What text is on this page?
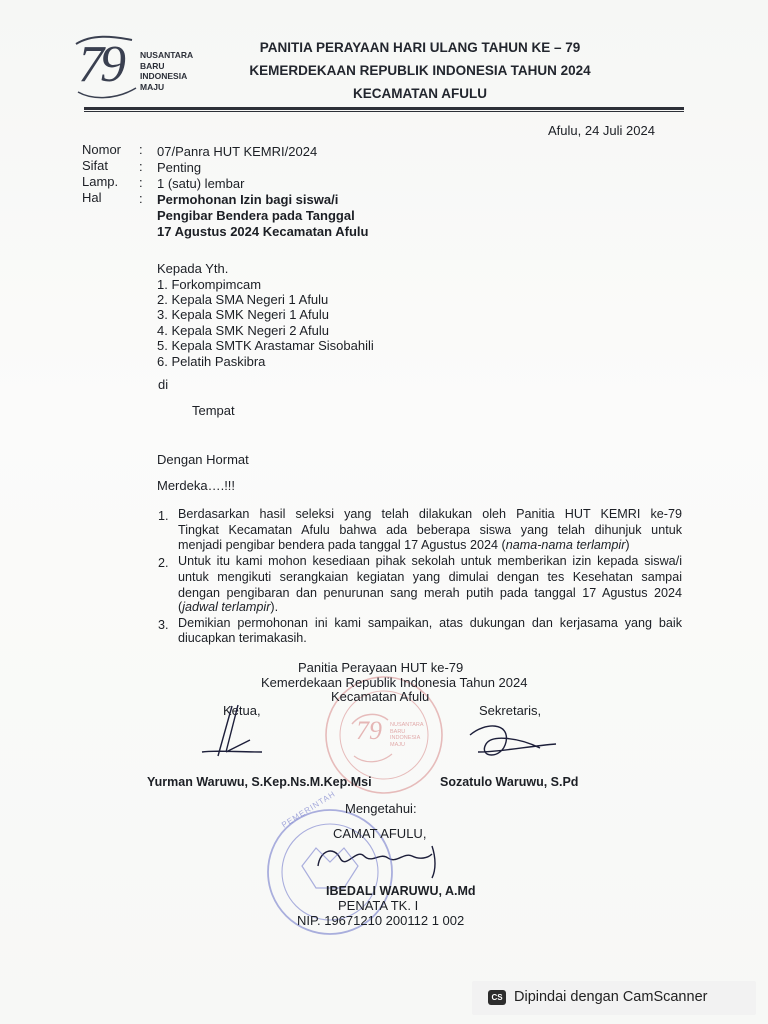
79 NUSANTARA
BARU
INDONESIA
MAJU
PANITIA PERAYAAN HARI ULANG TAHUN KE – 79
KEMERDEKAAN REPUBLIK INDONESIA TAHUN 2024
KECAMATAN AFULU
Afulu, 24 Juli 2024
Nomor : 07/Panra HUT KEMRI/2024
Sifat : Penting
Lamp. : 1 (satu) lembar
Hal	: Permohonan Izin bagi siswa/i
Pengibar Bendera pada Tanggal
17 Agustus 2024 Kecamatan Afulu
Kepada Yth.
1. Forkompimcam
2. Kepala SMA Negeri 1 Afulu
3. Kepala SMK Negeri 1 Afulu
4. Kepala SMK Negeri 2 Afulu
5. Kepala SMTK Arastamar Sisobahili
6. Pelatih Paskibra
di
Tempat
Dengan Hormat
Merdeka….!!!
1. Berdasarkan hasil seleksi yang telah dilakukan oleh Panitia HUT KEMRI ke-79
Tingkat Kecamatan Afulu bahwa ada beberapa siswa yang telah dihunjuk untuk
menjadi pengibar bendera pada tanggal 17 Agustus 2024 (nama-nama terlampir)
2. Untuk itu kami mohon kesediaan pihak sekolah untuk memberikan izin kepada siswa/i
untuk mengikuti serangkaian kegiatan yang dimulai dengan tes Kesehatan sampai
dengan pengibaran dan penurunan sang merah putih pada tanggal 17 Agustus 2024
(jadwal terlampir).
3. Demikian permohonan ini kami sampaikan, atas dukungan dan kerjasama yang baik
diucapkan terimakasih.
79 NUSANTARA
BARU
INDONESIA
MAJU
Panitia Perayaan HUT ke-79
Kemerdekaan Republik Indonesia Tahun 2024
Kecamatan Afulu
Ketua,	Sekretaris,
Yurman Waruwu, S.Kep.Ns.M.Kep.Msi	Sozatulo Waruwu, S.Pd
PEMERINTAH Mengetahui:
CAMAT AFULU,
IBEDALI WARUWU, A.Md
PENATA TK. I
NIP. 19671210 200112 1 002
CS Dipindai dengan CamScanner
